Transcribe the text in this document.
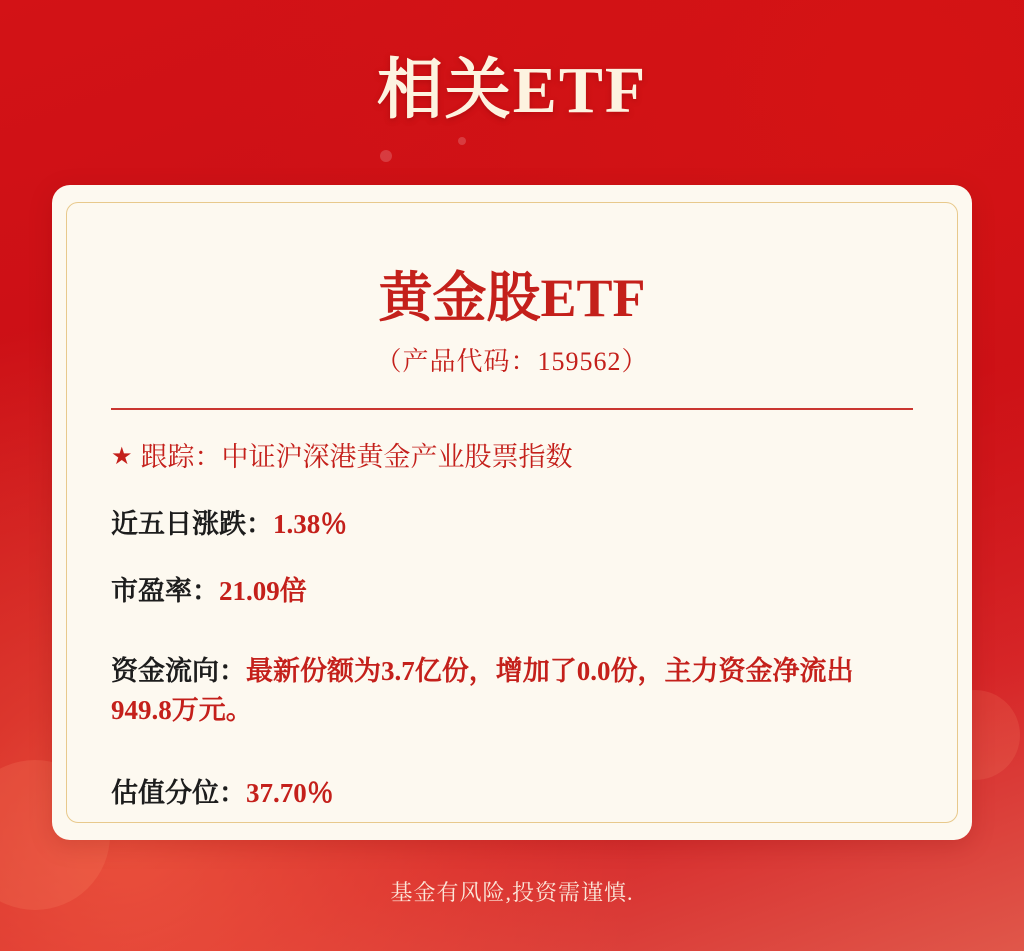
相关ETF
黄金股ETF
（产品代码：159562）
★ 跟踪：中证沪深港黄金产业股票指数
近五日涨跌：1.38％
市盈率：21.09倍
资金流向：最新份额为3.7亿份，增加了0.0份，主力资金净流出949.8万元。
估值分位：37.70％
基金有风险,投资需谨慎.
